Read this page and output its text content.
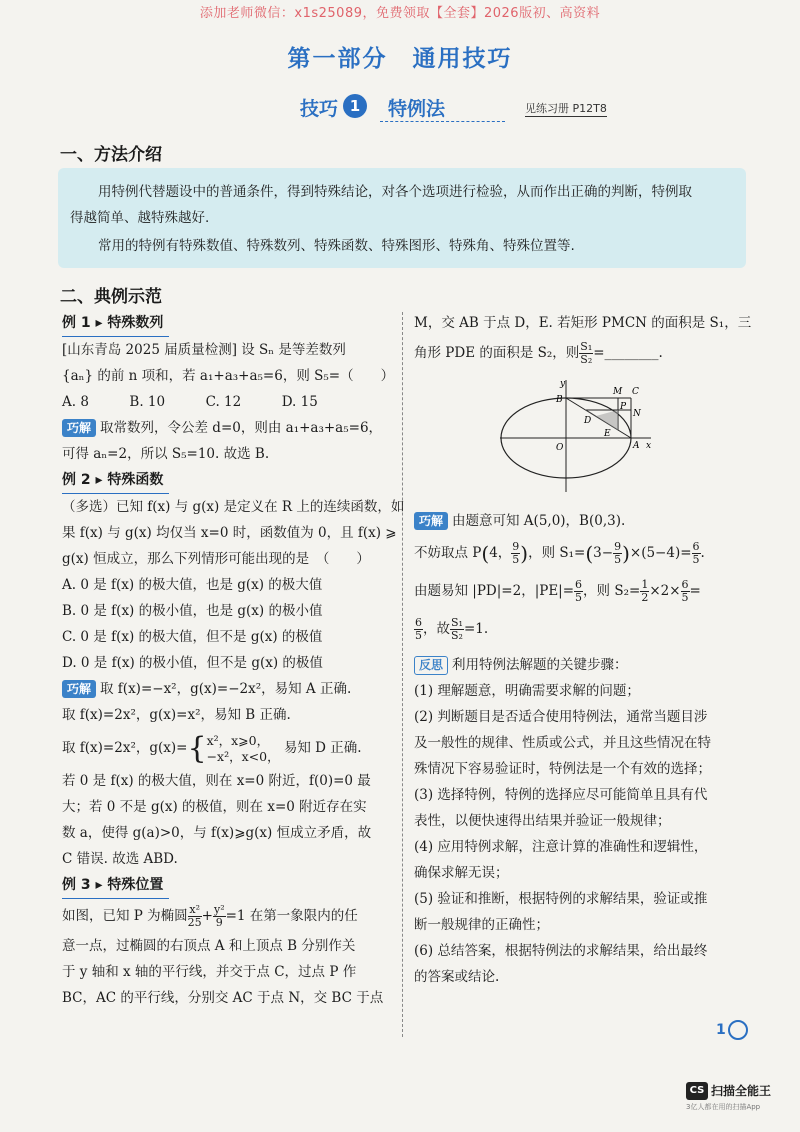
添加老师微信：x1s25089，免费领取【全套】2026版初、高资料
第一部分　通用技巧
技巧 1	特例法	见练习册 P12T8
一、方法介绍
用特例代替题设中的普通条件，得到特殊结论，对各个选项进行检验，从而作出正确的判断，特例取
得越简单、越特殊越好.
常用的特例有特殊数值、特殊数列、特殊函数、特殊图形、特殊角、特殊位置等.
二、典例示范
例 1 ▸ 特殊数列
[山东青岛 2025 届质量检测] 设 Sₙ 是等差数列
{aₙ} 的前 n 项和，若 a₁+a₃+a₅=6，则 S₅=（　　）
A. 8　　　B. 10　　　C. 12　　　D. 15
巧解 取常数列，令公差 d=0，则由 a₁+a₃+a₅=6，
可得 aₙ=2，所以 S₅=10. 故选 B.
例 2 ▸ 特殊函数
（多选）已知 f(x) 与 g(x) 是定义在 R 上的连续函数，如
果 f(x) 与 g(x) 均仅当 x=0 时，函数值为 0，且 f(x) ⩾
g(x) 恒成立，那么下列情形可能出现的是　（　　）
A. 0 是 f(x) 的极大值，也是 g(x) 的极大值
B. 0 是 f(x) 的极小值，也是 g(x) 的极小值
C. 0 是 f(x) 的极大值，但不是 g(x) 的极值
D. 0 是 f(x) 的极小值，但不是 g(x) 的极值
巧解 取 f(x)=−x²，g(x)=−2x²，易知 A 正确.
取 f(x)=2x²，g(x)=x²，易知 B 正确.
取 f(x)=2x²，g(x)={ x²，x⩾0，
−x²，x<0， 易知 D 正确.
若 0 是 f(x) 的极大值，则在 x=0 附近，f(0)=0 最
大；若 0 不是 g(x) 的极值，则在 x=0 附近存在实
数 a，使得 g(a)>0，与 f(x)⩾g(x) 恒成立矛盾，故
C 错误. 故选 ABD.
例 3 ▸ 特殊位置
如图，已知 P 为椭圆 $\frac{\text{x²}}{25} + \frac{\text{y²}}{9} =1$ 在第一象限内的任
意一点，过椭圆的右顶点 A 和上顶点 B 分别作关
于 y 轴和 x 轴的平行线，并交于点 C，过点 P 作
BC，AC 的平行线，分别交 AC 于点 N，交 BC 于点
M，交 AB 于点 D，E. 若矩形 PMCN 的面积是 S₁，三
角形 PDE 的面积是 S₂，则 $\frac{\text{S₁}}{\text{S₂}}$ =________.
y
x
O	A
B
C
M
P
N
D
E
巧解 由题意可知 A(5,0)，B(0,3).
不妨取点 P(4， $\frac{9}{5}$ )，则 $S_1=(3- \frac{9}{5} )\times(5-4)= \frac{6}{5}$ .
由题易知 |PD|=2，$|PE|= \frac{6}{5}$ ，则 $S_2= \frac{1}{2} \times 2\times \frac{6}{5}$ =
$\frac{6}{5}$ ，故 $\frac{\text{S₁}}{\text{S₂}} =1$.
反思 利用特例法解题的关键步骤：
(1) 理解题意，明确需要求解的问题；
(2) 判断题目是否适合使用特例法，通常当题目涉
及一般性的规律、性质或公式，并且这些情况在特
殊情况下容易验证时，特例法是一个有效的选择；
(3) 选择特例，特例的选择应尽可能简单且具有代
表性，以便快速得出结果并验证一般规律；
(4) 应用特例求解，注意计算的准确性和逻辑性，
确保求解无误；
(5) 验证和推断，根据特例的求解结果，验证或推
断一般规律的正确性；
(6) 总结答案，根据特例法的求解结果，给出最终
的答案或结论.
1
CS 扫描全能王
3亿人都在用的扫描App
